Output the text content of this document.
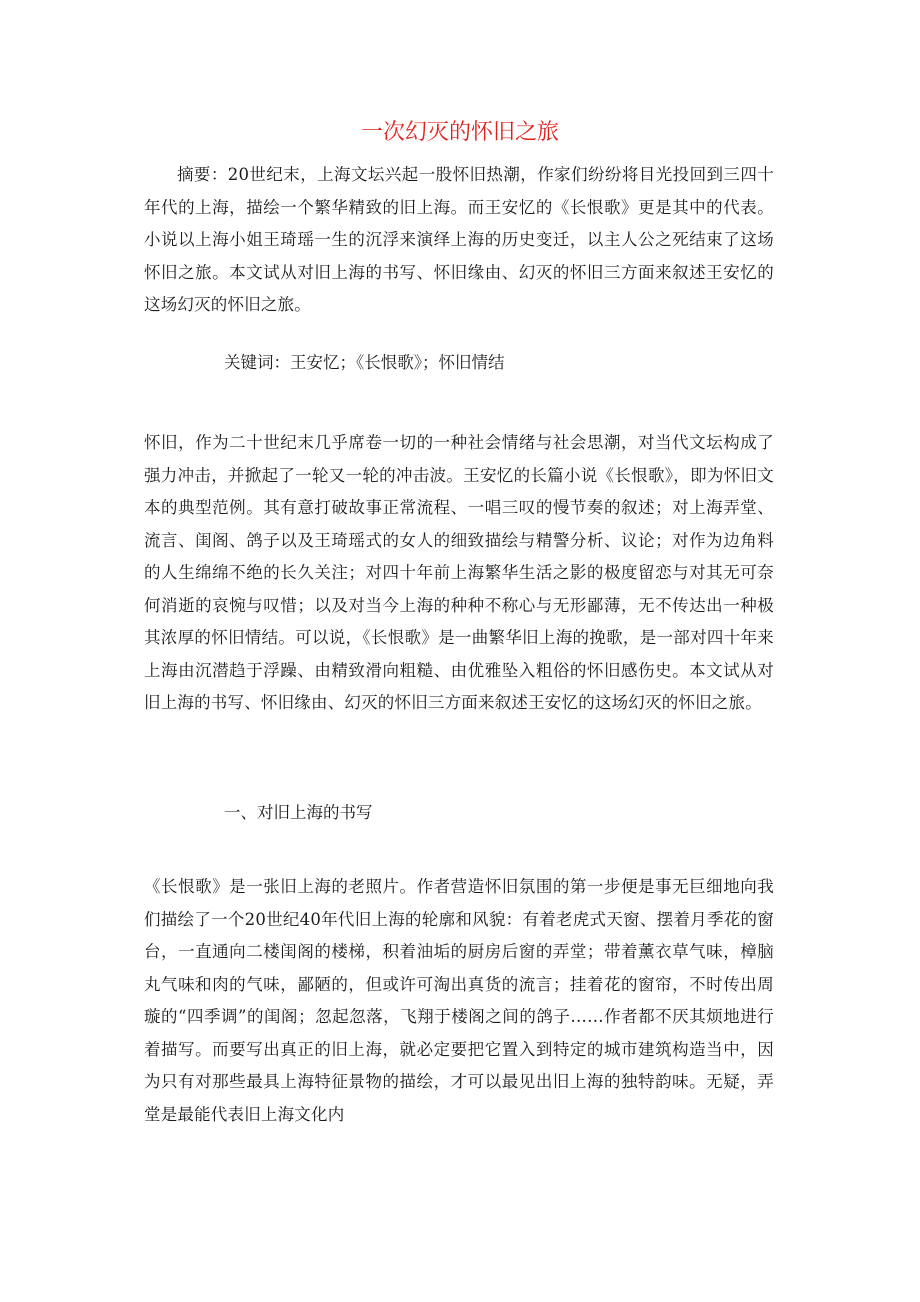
一次幻灭的怀旧之旅

摘要：20世纪末，上海文坛兴起一股怀旧热潮，作家们纷纷将目光投回到三四十年代的上海，描绘一个繁华精致的旧上海。而王安忆的《长恨歌》更是其中的代表。小说以上海小姐王琦瑶一生的沉浮来演绎上海的历史变迁，以主人公之死结束了这场怀旧之旅。本文试从对旧上海的书写、怀旧缘由、幻灭的怀旧三方面来叙述王安忆的这场幻灭的怀旧之旅。

关键词：王安忆；《长恨歌》；怀旧情结

怀旧，作为二十世纪末几乎席卷一切的一种社会情绪与社会思潮，对当代文坛构成了强力冲击，并掀起了一轮又一轮的冲击波。王安忆的长篇小说《长恨歌》，即为怀旧文本的典型范例。其有意打破故事正常流程、一唱三叹的慢节奏的叙述；对上海弄堂、流言、闺阁、鸽子以及王琦瑶式的女人的细致描绘与精警分析、议论；对作为边角料的人生绵绵不绝的长久关注；对四十年前上海繁华生活之影的极度留恋与对其无可奈何消逝的哀惋与叹惜；以及对当今上海的种种不称心与无形鄙薄，无不传达出一种极其浓厚的怀旧情结。可以说，《长恨歌》是一曲繁华旧上海的挽歌，是一部对四十年来上海由沉潜趋于浮躁、由精致滑向粗糙、由优雅坠入粗俗的怀旧感伤史。本文试从对旧上海的书写、怀旧缘由、幻灭的怀旧三方面来叙述王安忆的这场幻灭的怀旧之旅。

一、对旧上海的书写

《长恨歌》是一张旧上海的老照片。作者营造怀旧氛围的第一步便是事无巨细地向我们描绘了一个20世纪40年代旧上海的轮廓和风貌：有着老虎式天窗、摆着月季花的窗台，一直通向二楼闺阁的楼梯，积着油垢的厨房后窗的弄堂；带着薰衣草气味，樟脑丸气味和肉的气味，鄙陋的，但或许可淘出真货的流言；挂着花的窗帘，不时传出周璇的“四季调”的闺阁；忽起忽落，飞翔于楼阁之间的鸽子……作者都不厌其烦地进行着描写。而要写出真正的旧上海，就必定要把它置入到特定的城市建筑构造当中，因为只有对那些最具上海特征景物的描绘，才可以最见出旧上海的独特韵味。无疑，弄堂是最能代表旧上海文化内
